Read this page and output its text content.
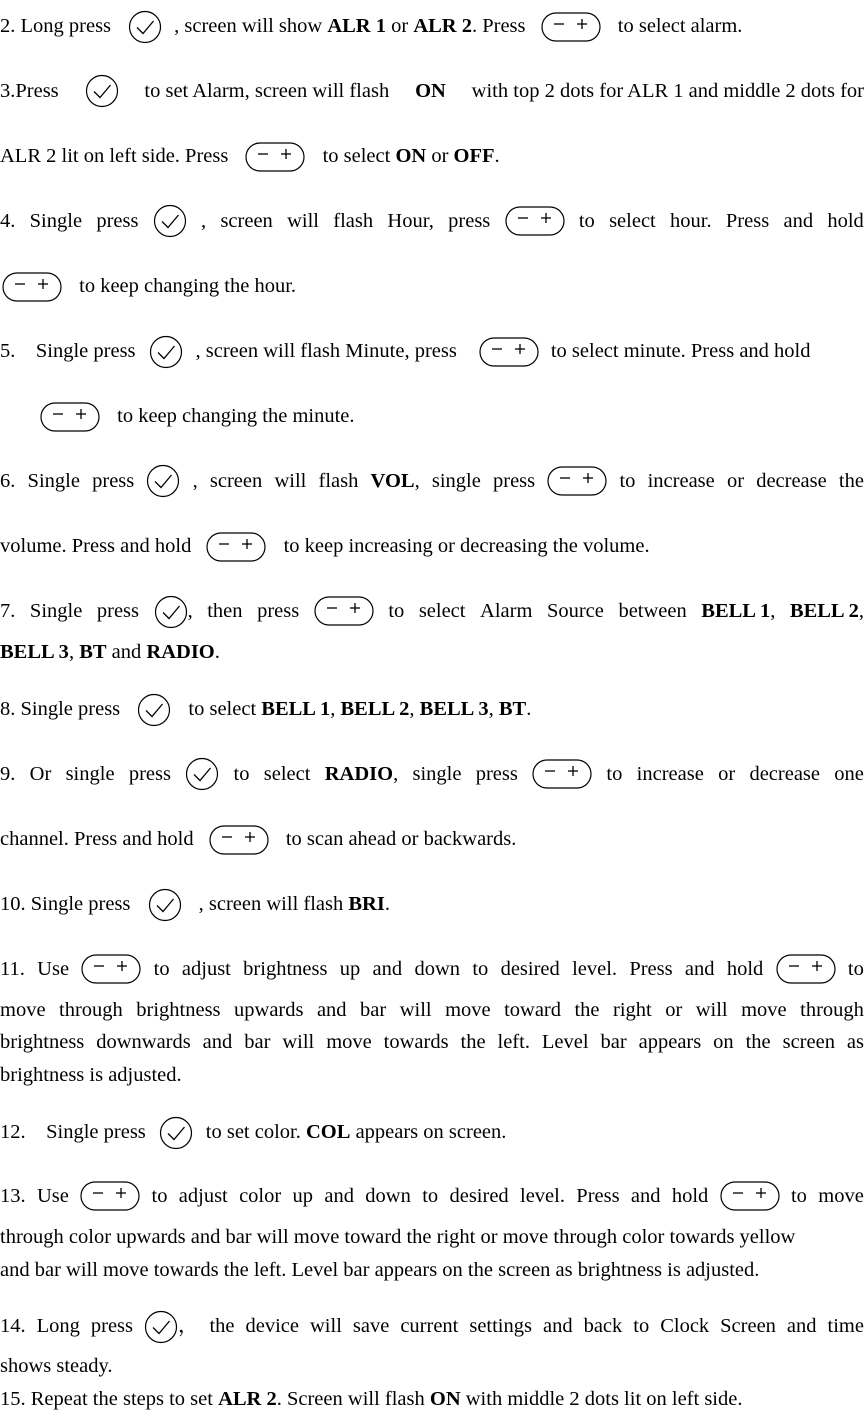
2. Long press	, screen will show ALR 1 or ALR 2. Press	to select alarm.
3.Press	to set Alarm, screen will flash ON with top 2 dots for ALR 1 and middle 2 dots for
ALR 2 lit on left side. Press	to select ON or OFF.
4. Single press	, screen will flash Hour, press	to select hour. Press and hold
to keep changing the hour.
5.    Single press	, screen will flash Minute, press	to select minute. Press and hold
to keep changing the minute.
6. Single press	, screen will flash VOL, single press	to increase or decrease the
volume. Press and hold	to keep increasing or decreasing the volume.
7. Single press	, then press	to select Alarm Source between BELL 1, BELL 2,
BELL 3, BT and RADIO.
8. Single press	to select BELL 1, BELL 2, BELL 3, BT.
9. Or single press	to select RADIO, single press	to increase or decrease one
channel. Press and hold	to scan ahead or backwards.
10. Single press	, screen will flash BRI.
11. Use	to adjust brightness up and down to desired level. Press and hold	to
move through brightness upwards and bar will move toward the right or will move through
brightness downwards and bar will move towards the left. Level bar appears on the screen as
brightness is adjusted.
12.    Single press	to set color. COL appears on screen.
13. Use	to adjust color up and down to desired level. Press and hold	to move
through color upwards and bar will move toward the right or move through color towards yellow
and bar will move towards the left. Level bar appears on the screen as brightness is adjusted.
14. Long press	， the device will save current settings and back to Clock Screen and time
shows steady.
15. Repeat the steps to set ALR 2. Screen will flash ON with middle 2 dots lit on left side.
